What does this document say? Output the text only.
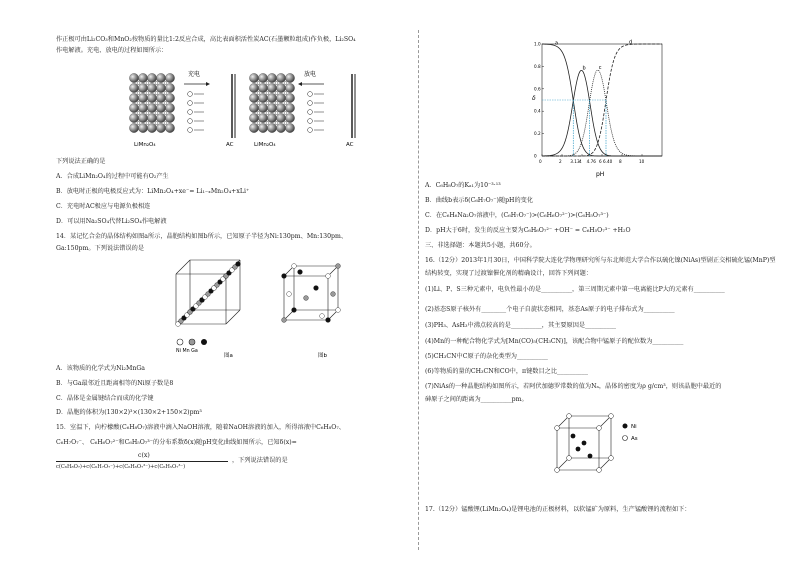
作正极可由Li₂CO₃和MnO₂按物质的量比1:2反应合成，高比表面积活性炭AC(石墨颗粒组成)作负极，Li₂SO₄
作电解液。充电、放电的过程如图所示：
充电	放电
AC	AC
LiMn₂O₄	LiMn₂O₄
下列说法正确的是
A．合成LiMn₂O₄的过程中可能有O₂产生
B．放电时正极的电极反应式为：LiMn₂O₄+xe⁻= Li₁₋ₓMn₂O₄+xLi⁺
C．充电时AC极应与电源负极相连
D．可以用Na₂SO₄代替Li₂SO₄作电解液
14．某记忆合金的晶体结构如图a所示，晶胞结构如图b所示，已知原子半径为Ni:130pm、Mn:130pm、
Ga:150pm。下列说法错误的是
Ni Mn Ga
图a	图b
A．该物质的化学式为Ni₂MnGa
B．与Ga最邻近且距离相等的Ni原子数是8
C．晶体是金属键结合而成的化学键
D．晶胞的体积为(130×2)³×(130×2+150×2)pm³
15．室温下，向柠檬酸(C₆H₈O₇)溶液中滴入NaOH溶液，随着NaOH溶液的加入，所得溶液中C₆H₈O₇、
C₆H₇O₇⁻、 C₆H₆O₇²⁻和C₆H₅O₇³⁻的分布系数δ(x)随pH变化曲线如图所示，已知δ(x)=
c(x)
c(C₆H₈O₇)+c(C₆H₇O₇⁻)+c(C₆H₆O₇²⁻)+c(C₆H₅O₇³⁻)
，下列说法错误的是
0	2 3.13 4 4.76 6 6.40 8	10
0
0.2
0.4
0.6
0.8
1.0	a
b	c
d
δ
pH
A．C₆H₈O₇的Kₐ₁为10⁻³·¹³
B．曲线b表示δ(C₆H₇O₇⁻)随pH的变化
C．在C₆H₆Na₂O₇溶液中，(C₆H₇O₇⁻)>(C₆H₆O₇²⁻)>(C₆H₅O₇³⁻)
D．pH大于6时，发生的反应主要为C₆H₆O₇²⁻ +OH⁻ = C₆H₅O₇³⁻ +H₂O
三、非选择题：本题共5小题，共60分。
16.（12分）2013年1月30日，中国科学院大连化学物理研究所与东北师范大学合作以硫化镍(NiAs)型剧正交相硫化锰(MnP)型
结构转变，实现了过渡镍催化剂的精确设计，回答下列问题：
(1)Li、P、S三种元素中，电负性最小的是__________，第三周期元素中第一电离能比P大的元素有__________
(2)基态S原子核外有________个电子自旋状态相同，基态As原子的电子排布式为__________
(3)PH₃、AsH₃中沸点较高的是__________，其主要原因是__________
(4)Mn的一种配合物化学式为[Mn(CO)₅(CH₃CN)]，该配合物中锰原子的配位数为__________
(5)CH₃CN中C原子的杂化类型为__________
(6)等物质的量的CH₃CN和CO中，π键数目之比__________
(7)NiAs的一种晶胞结构如图所示，若阿伏加德罗常数的值为Nₐ，晶体的密度为ρ g/cm³，则该晶胞中最近的
砷原子之间的距离为__________pm。
Ni
As
17.（12分）锰酸锂(LiMn₂O₄)是锂电池的正极材料，以软锰矿为原料，生产锰酸锂的流程如下：
